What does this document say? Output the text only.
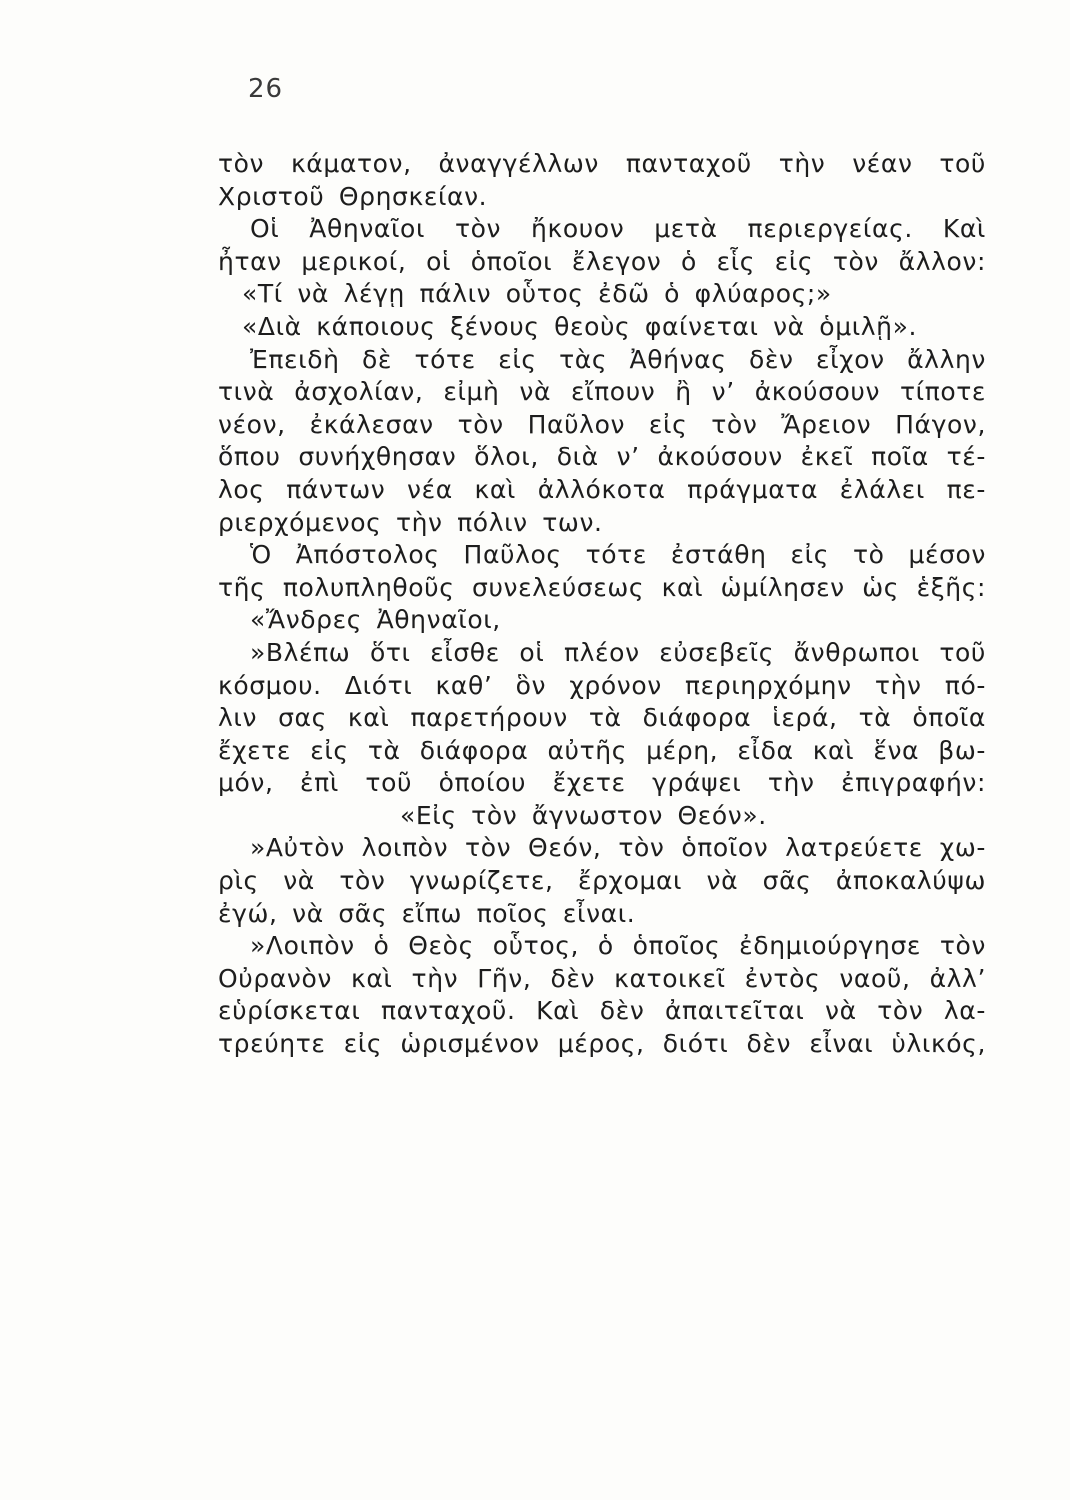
26
τὸν κάματον, ἀναγγέλλων πανταχοῦ τὴν νέαν τοῦ
Χριστοῦ Θρησκείαν.
Οἱ Ἀθηναῖοι τὸν ἤκουον μετὰ περιεργείας. Καὶ
ἦταν μερικοί, οἱ ὁποῖοι ἔλεγον ὁ εἷς εἰς τὸν ἄλλον:
«Τί νὰ λέγῃ πάλιν οὗτος ἐδῶ ὁ φλύαρος;»
«Διὰ κάποιους ξένους θεοὺς φαίνεται νὰ ὁμιλῇ».
Ἐπειδὴ δὲ τότε εἰς τὰς Ἀθήνας δὲν εἶχον ἄλλην
τινὰ ἀσχολίαν, εἰμὴ νὰ εἴπουν ἢ ν’ ἀκούσουν τίποτε
νέον, ἐκάλεσαν τὸν Παῦλον εἰς τὸν Ἄρειον Πάγον,
ὅπου συνήχθησαν ὅλοι, διὰ ν’ ἀκούσουν ἐκεῖ ποῖα τέ-
λος πάντων νέα καὶ ἀλλόκοτα πράγματα ἐλάλει πε-
ριερχόμενος τὴν πόλιν των.
Ὁ Ἀπόστολος Παῦλος τότε ἐστάθη εἰς τὸ μέσον
τῆς πολυπληθοῦς συνελεύσεως καὶ ὡμίλησεν ὡς ἑξῆς:
«Ἄνδρες Ἀθηναῖοι,
»Βλέπω ὅτι εἶσθε οἱ πλέον εὐσεβεῖς ἄνθρωποι τοῦ
κόσμου. Διότι καθ’ ὃν χρόνον περιηρχόμην τὴν πό-
λιν σας καὶ παρετήρουν τὰ διάφορα ἱερά, τὰ ὁποῖα
ἔχετε εἰς τὰ διάφορα αὐτῆς μέρη, εἶδα καὶ ἕνα βω-
μόν, ἐπὶ τοῦ ὁποίου ἔχετε γράψει τὴν ἐπιγραφήν:
«Εἰς τὸν ἄγνωστον Θεόν».
»Αὐτὸν λοιπὸν τὸν Θεόν, τὸν ὁποῖον λατρεύετε χω-
ρὶς νὰ τὸν γνωρίζετε, ἔρχομαι νὰ σᾶς ἀποκαλύψω
ἐγώ, νὰ σᾶς εἴπω ποῖος εἶναι.
»Λοιπὸν ὁ Θεὸς οὗτος, ὁ ὁποῖος ἐδημιούργησε τὸν
Οὐρανὸν καὶ τὴν Γῆν, δὲν κατοικεῖ ἐντὸς ναοῦ, ἀλλ’
εὑρίσκεται πανταχοῦ. Καὶ δὲν ἀπαιτεῖται νὰ τὸν λα-
τρεύητε εἰς ὡρισμένον μέρος, διότι δὲν εἶναι ὑλικός,
